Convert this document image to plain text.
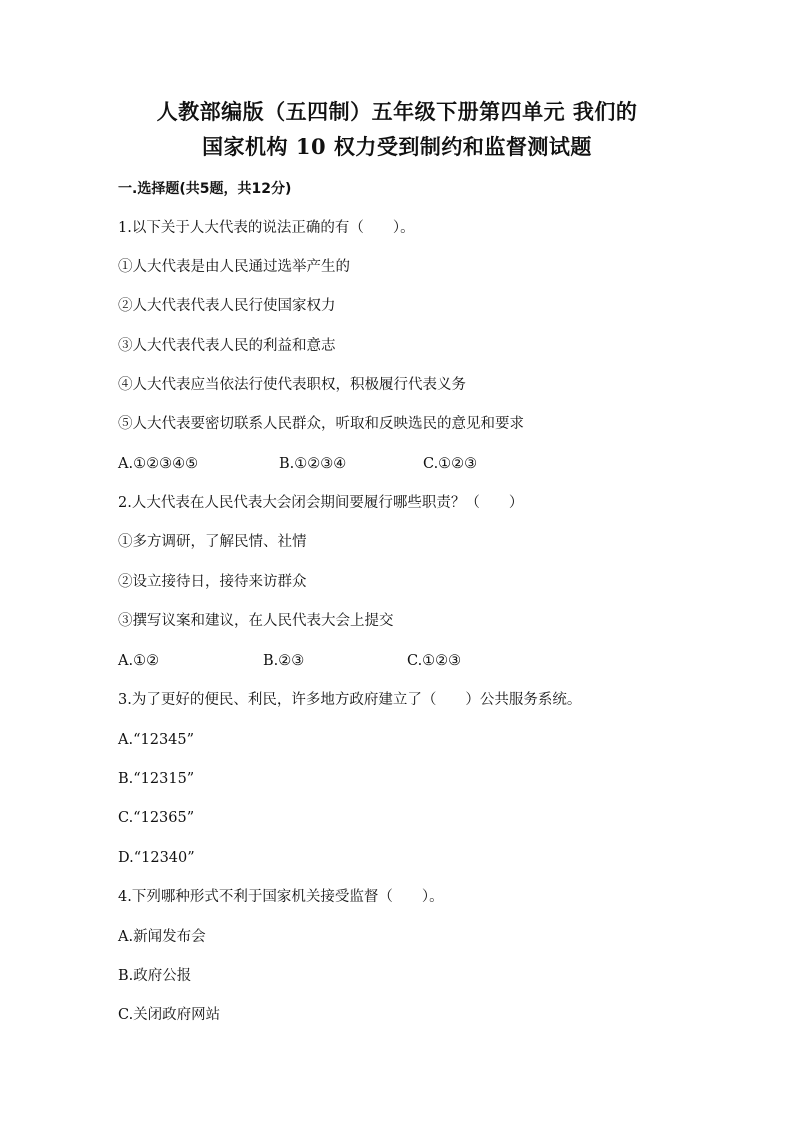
人教部编版（五四制）五年级下册第四单元 我们的
国家机构 10 权力受到制约和监督测试题
一.选择题(共5题，共12分)
1.以下关于人大代表的说法正确的有（　　）。
①人大代表是由人民通过选举产生的
②人大代表代表人民行使国家权力
③人大代表代表人民的利益和意志
④人大代表应当依法行使代表职权，积极履行代表义务
⑤人大代表要密切联系人民群众，听取和反映选民的意见和要求
A.①②③④⑤	B.①②③④	C.①②③
2.人大代表在人民代表大会闭会期间要履行哪些职责？（　　）
①多方调研，了解民情、社情
②设立接待日，接待来访群众
③撰写议案和建议，在人民代表大会上提交
A.①②	B.②③	C.①②③
3.为了更好的便民、利民，许多地方政府建立了（　　）公共服务系统。
A.“12345”
B.“12315”
C.“12365”
D.“12340”
4.下列哪种形式不利于国家机关接受监督（　　）。
A.新闻发布会
B.政府公报
C.关闭政府网站
